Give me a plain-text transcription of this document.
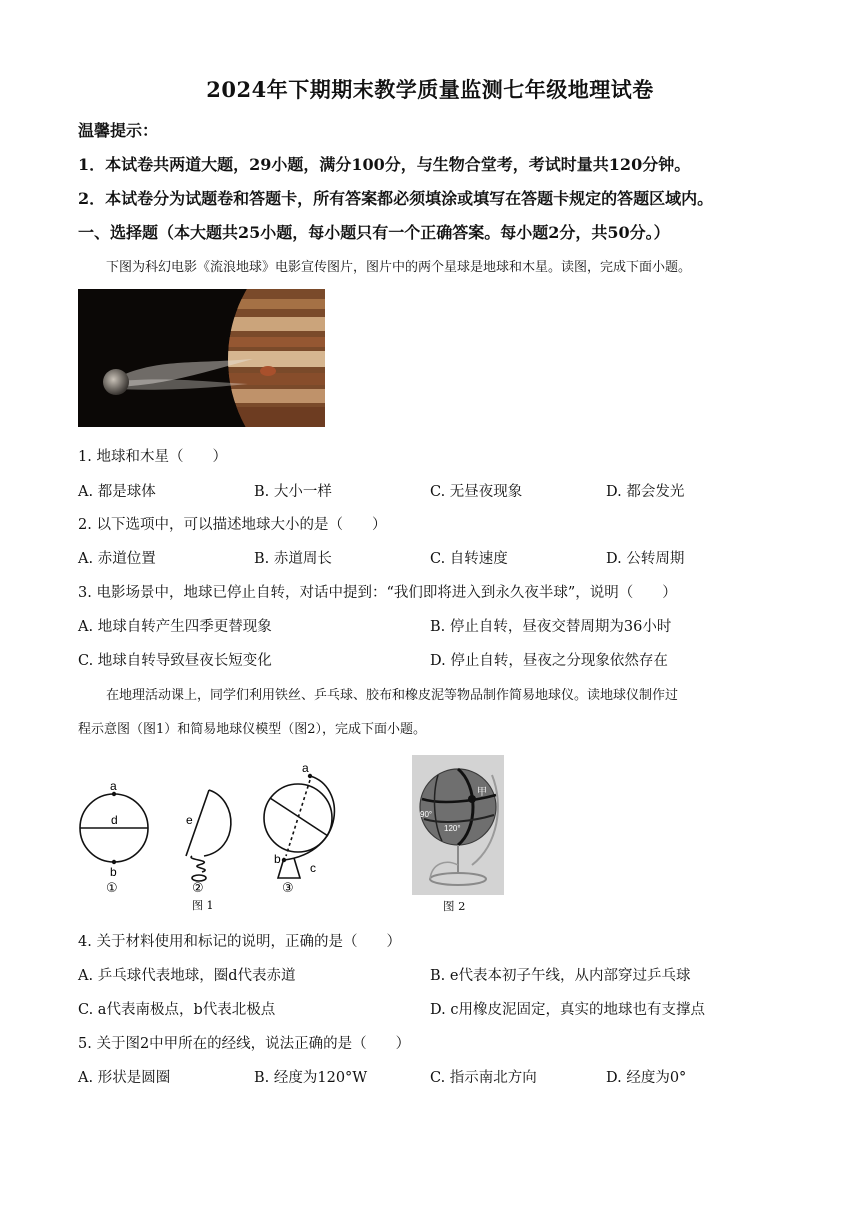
2024年下期期末教学质量监测七年级地理试卷
温馨提示：
1．本试卷共两道大题，29小题，满分100分，与生物合堂考，考试时量共120分钟。
2．本试卷分为试题卷和答题卡，所有答案都必须填涂或填写在答题卡规定的答题区域内。
一、选择题（本大题共25小题，每小题只有一个正确答案。每小题2分，共50分。）
下图为科幻电影《流浪地球》电影宣传图片，图片中的两个星球是地球和木星。读图，完成下面小题。
1. 地球和木星（　　）
A. 都是球体	B. 大小一样	C. 无昼夜现象	D. 都会发光
2. 以下选项中，可以描述地球大小的是（　　）
A. 赤道位置	B. 赤道周长	C. 自转速度	D. 公转周期
3. 电影场景中，地球已停止自转，对话中提到：“我们即将进入到永久夜半球”，说明（　　）
A. 地球自转产生四季更替现象	B. 停止自转，昼夜交替周期为36小时
C. 地球自转导致昼夜长短变化	D. 停止自转，昼夜之分现象依然存在
在地理活动课上，同学们利用铁丝、乒乓球、胶布和橡皮泥等物品制作简易地球仪。读地球仪制作过
程示意图（图1）和简易地球仪模型（图2），完成下面小题。
a
d
b
①
e
②
a
b
c
③
图 1
甲
90°
120°
图 2
4. 关于材料使用和标记的说明，正确的是（　　）
A. 乒乓球代表地球，圈d代表赤道	B. e代表本初子午线，从内部穿过乒乓球
C. a代表南极点，b代表北极点	D. c用橡皮泥固定，真实的地球也有支撑点
5. 关于图2中甲所在的经线，说法正确的是（　　）
A. 形状是圆圈	B. 经度为120°W	C. 指示南北方向	D. 经度为0°
